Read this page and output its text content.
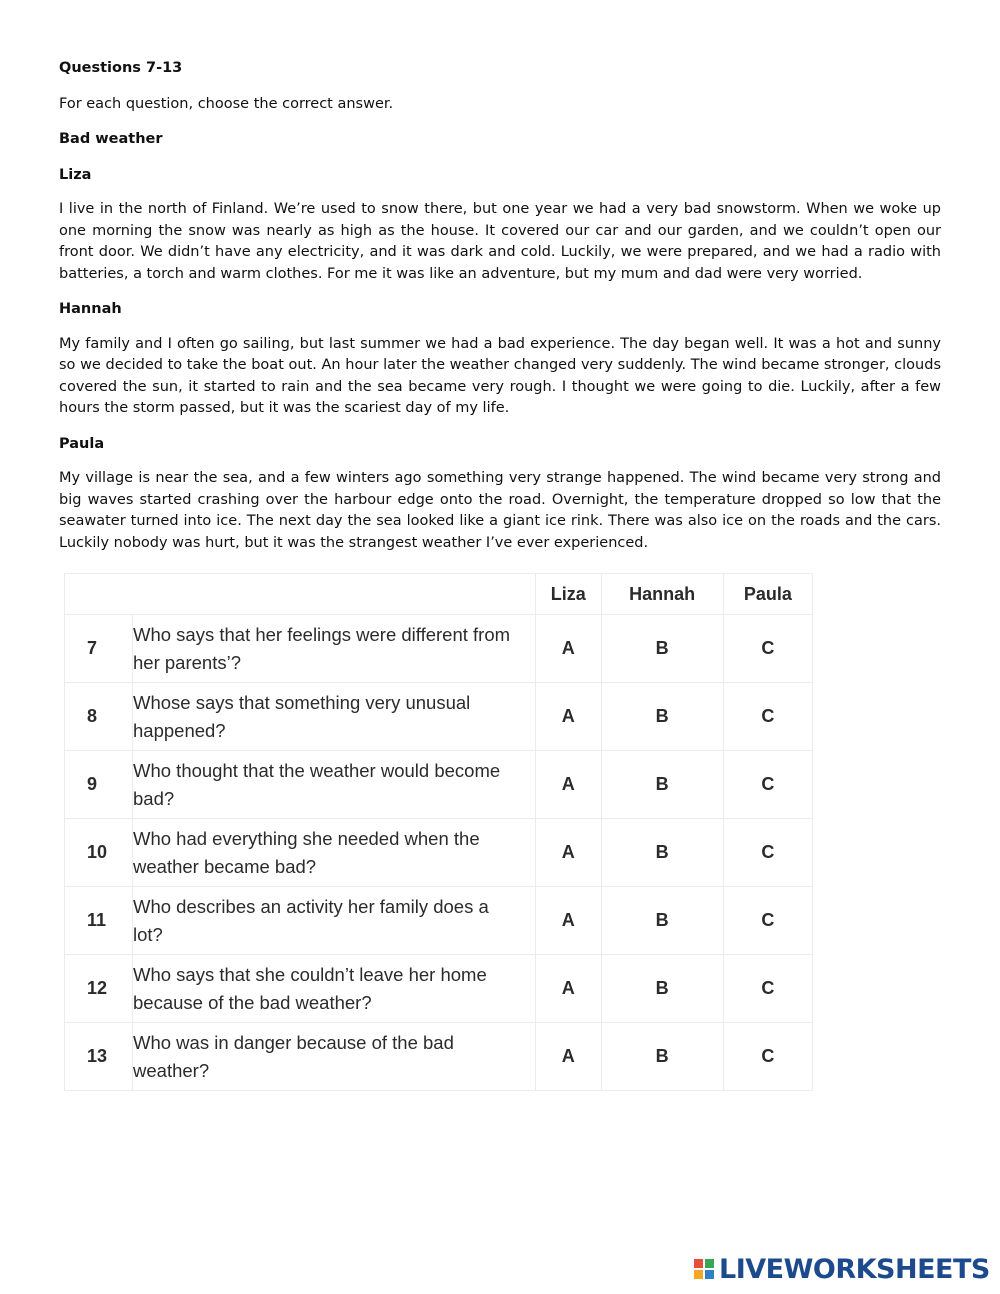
Questions 7-13

For each question, choose the correct answer.

Bad weather

Liza

I live in the north of Finland. We’re used to snow there, but one year we had a very bad snowstorm. When we woke up one morning the snow was nearly as high as the house. It covered our car and our garden, and we couldn’t open our front door. We didn’t have any electricity, and it was dark and cold. Luckily, we were prepared, and we had a radio with batteries, a torch and warm clothes. For me it was like an adventure, but my mum and dad were very worried.

Hannah

My family and I often go sailing, but last summer we had a bad experience. The day began well. It was a hot and sunny so we decided to take the boat out. An hour later the weather changed very suddenly. The wind became stronger, clouds covered the sun, it started to rain and the sea became very rough. I thought we were going to die. Luckily, after a few hours the storm passed, but it was the scariest day of my life.

Paula

My village is near the sea, and a few winters ago something very strange happened. The wind became very strong and big waves started crashing over the harbour edge onto the road. Overnight, the temperature dropped so low that the seawater turned into ice. The next day the sea looked like a giant ice rink. There was also ice on the roads and the cars. Luckily nobody was hurt, but it was the strangest weather I’ve ever experienced.

		Liza	Hannah	Paula
7	Who says that her feelings were different from her parents’?	A	B	C
8	Whose says that something very unusual happened?	A	B	C
9	Who thought that the weather would become bad?	A	B	C
10	Who had everything she needed when the weather became bad?	A	B	C
11	Who describes an activity her family does a lot?	A	B	C
12	Who says that she couldn’t leave her home because of the bad weather?	A	B	C
13	Who was in danger because of the bad weather?	A	B	C
LIVEWORKSHEETS
